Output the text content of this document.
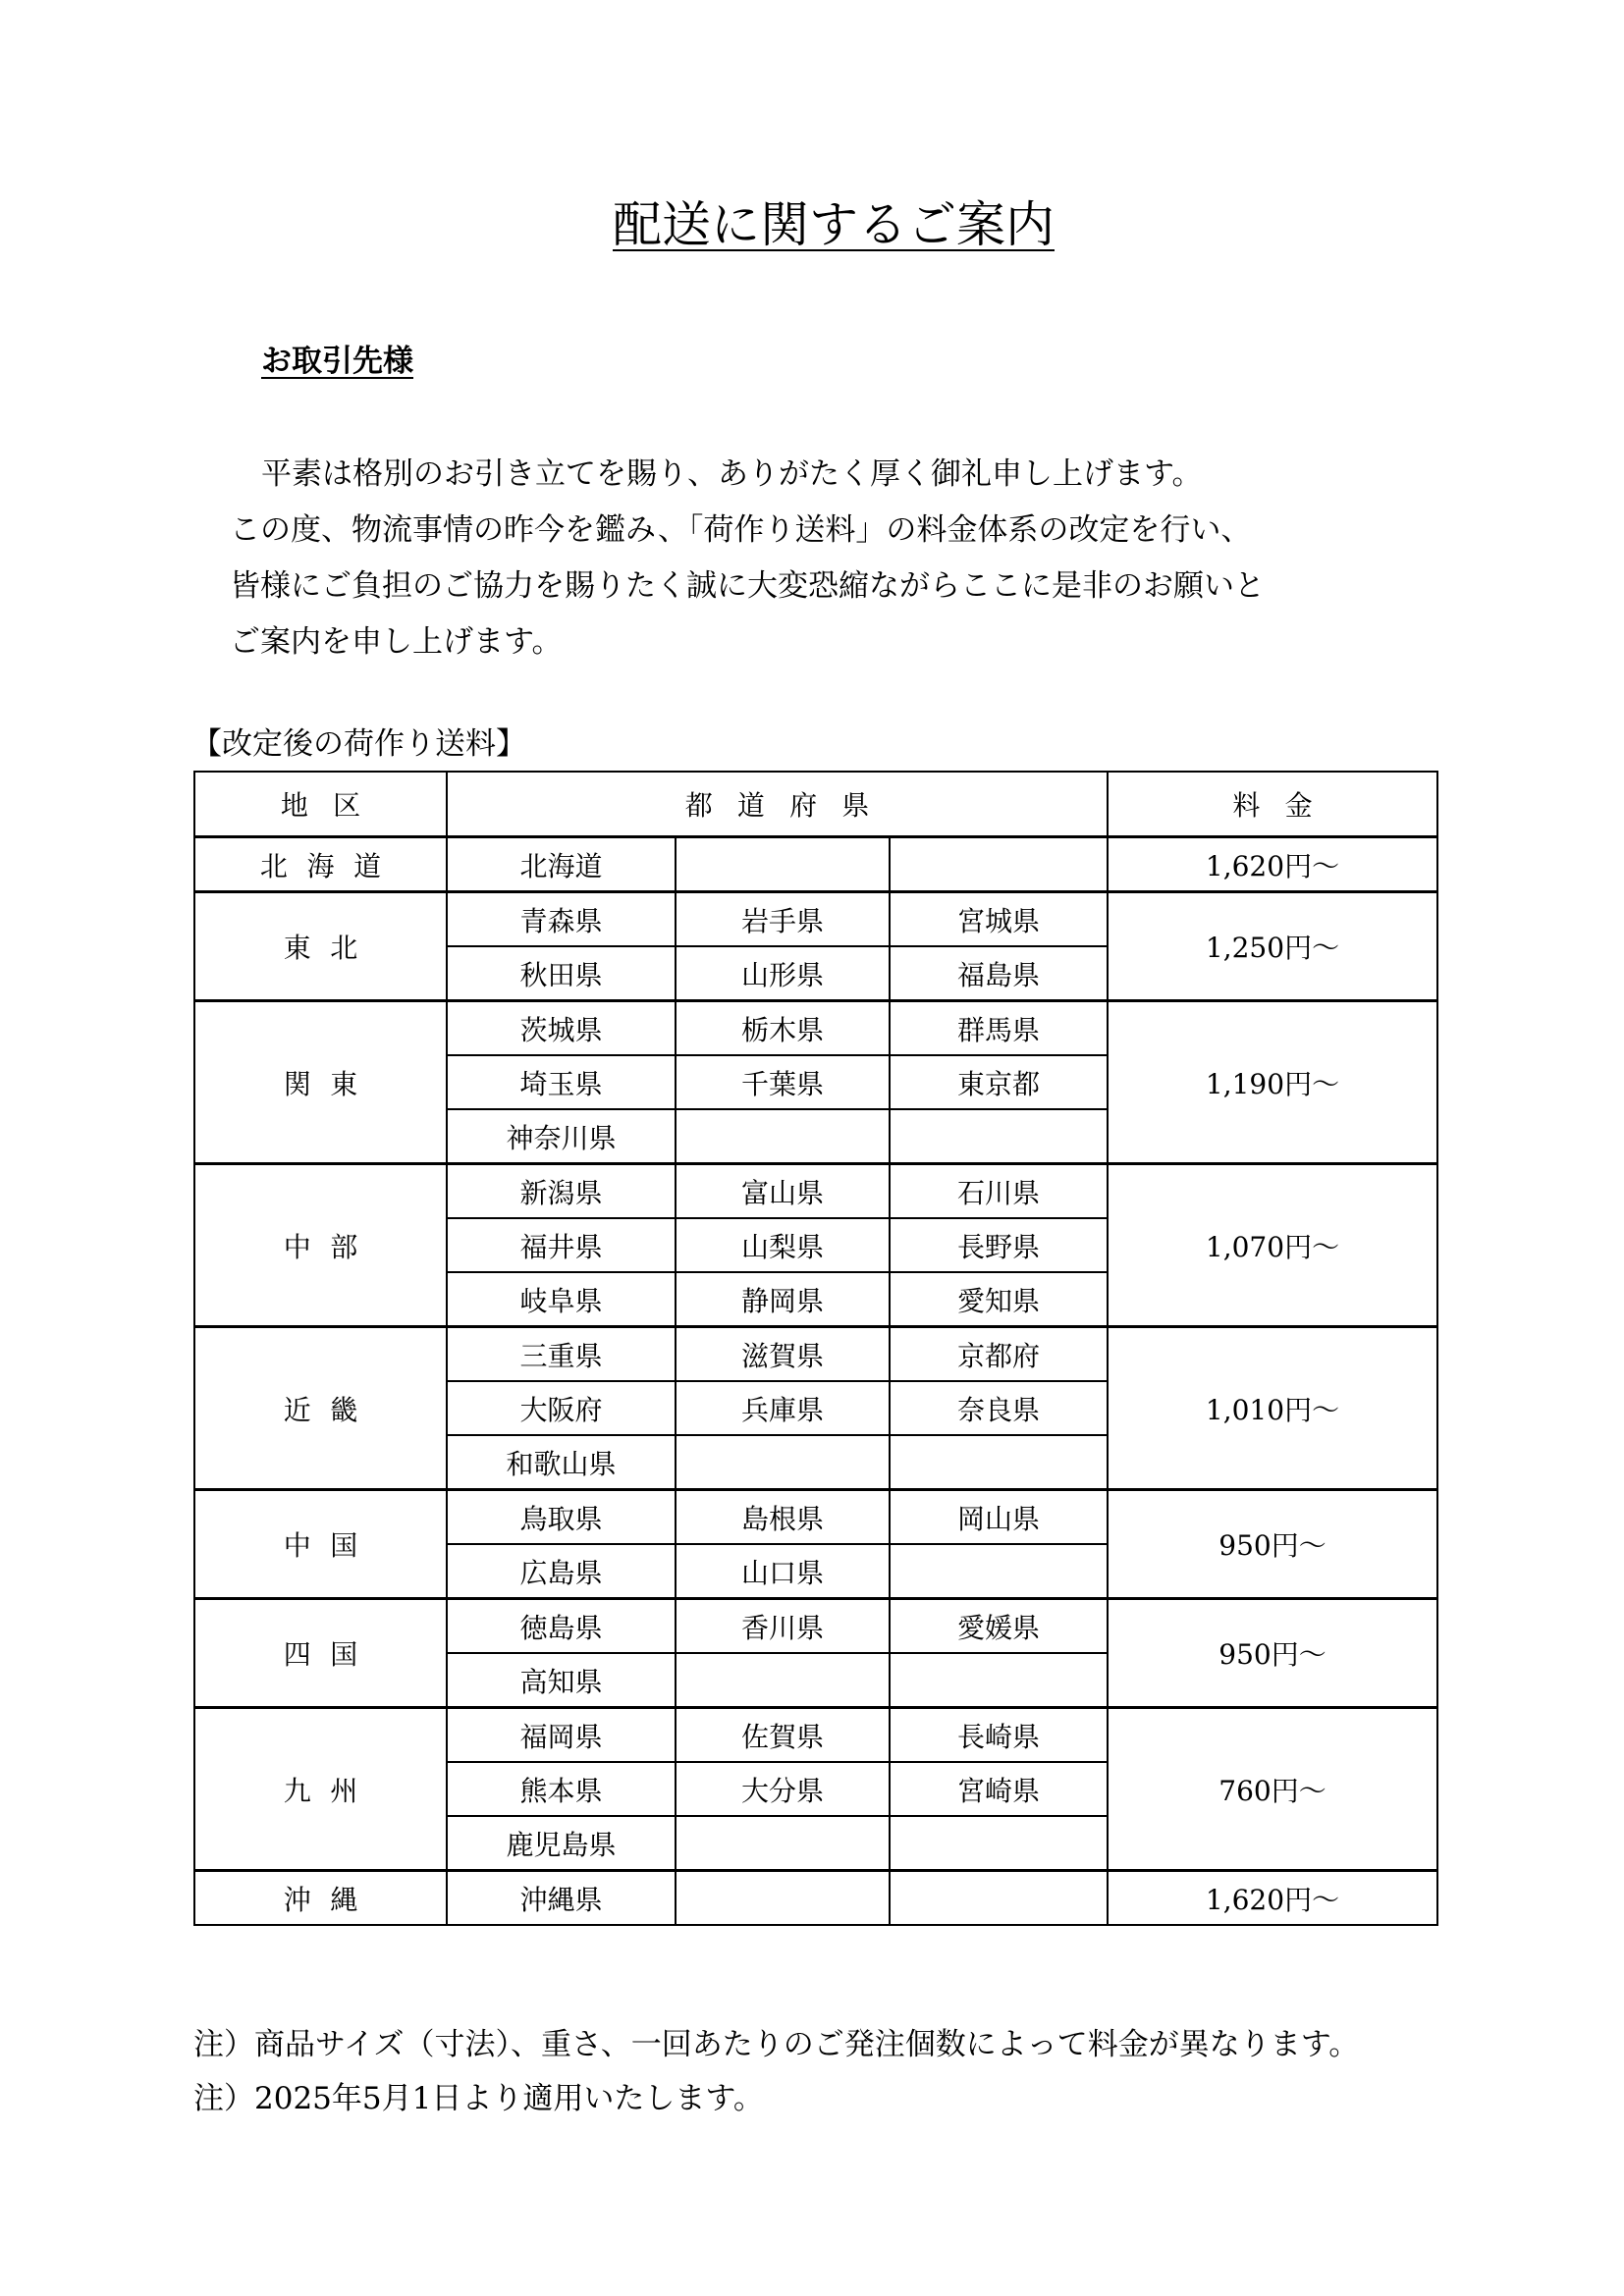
配送に関するご案内
お取引先様

平素は格別のお引き立てを賜り、ありがたく厚く御礼申し上げます。

この度、物流事情の昨今を鑑み、「荷作り送料」の料金体系の改定を行い、

皆様にご負担のご協力を賜りたく誠に大変恐縮ながらここに是非のお願いと

ご案内を申し上げます。

【改定後の荷作り送料】
地区	都道府県			料金
北海道	北海道			1,620円～
東北	青森県	岩手県	宮城県	1,250円～
	秋田県	山形県	福島県	
関東	茨城県	栃木県	群馬県	1,190円～
	埼玉県	千葉県	東京都	
	神奈川県			
中部	新潟県	富山県	石川県	1,070円～
	福井県	山梨県	長野県	
	岐阜県	静岡県	愛知県	
近畿	三重県	滋賀県	京都府	1,010円～
	大阪府	兵庫県	奈良県	
	和歌山県			
中国	鳥取県	島根県	岡山県	950円～
	広島県	山口県		
四国	徳島県	香川県	愛媛県	950円～
	高知県			
九州	福岡県	佐賀県	長崎県	760円～
	熊本県	大分県	宮崎県	
	鹿児島県			
沖縄	沖縄県			1,620円～

注）商品サイズ（寸法）、重さ、一回あたりのご発注個数によって料金が異なります。

注）2025年5月1日より適用いたします。
